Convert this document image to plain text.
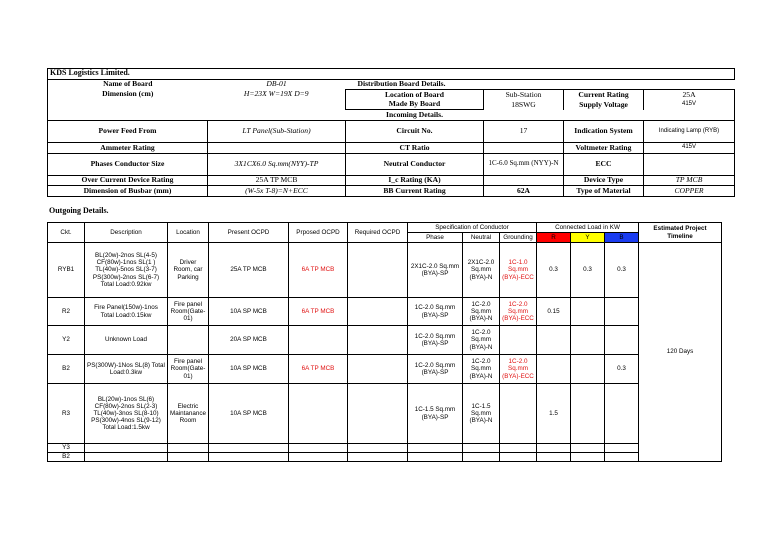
KDS Logistics Limited.					
Name of Board	DB-01	Distribution Board Details.			
Dimension (cm)	H=23X W=19X D=9	Location of Board	Sub-Station	Current Rating	25A
		Made By Board	18SWG	Supply Voltage	415V
		Incoming Details.			
Power Feed From	LT Panel(Sub-Station)	Circuit No.	17	Indication System	Indicating Lamp (RYB)
Ammeter Rating		CT Ratio		Voltmeter Rating	415V
Phases Conductor Size	3X1CX6.0 Sq.mm(NYY)-TP	Neutral Conductor	1C-6.0 Sq.mm (NYY)-N	ECC	
Over Current Device Rating	25A TP MCB	I_c Rating (KA)		Device Type	TP MCB
Dimension of Busbar (mm)	(W-5x T-8)=N+ECC	BB Current Rating	62A	Type of Material	COPPER
Outgoing Details.
Ckt.	Description	Location	Present OCPD	Prposed OCPD	Required OCPD	Specification of Conductor			Connected Load in KW			Estimated Project Timeline
						Phase	Neutral	Grounding	R	Y	B	
RYB1	BL(20w)-2nos SL(4-5) CF(80w)-1nos SL(1 ) TL(40w)-5nos SL(3-7) PS(300w)-2nos SL(6-7) Total Load:0.92kw	Driver Room, car Parking	25A TP MCB	6A TP MCB		2X1C-2.0 Sq.mm (BYA)-SP	2X1C-2.0 Sq.mm (BYA)-N	1C-1.0 Sq.mm (BYA)-ECC	0.3	0.3	0.3	120 Days
R2	Fire Panel(150w)-1nos Total Load:0.15kw	Fire panel Room(Gate-01)	10A SP MCB	6A TP MCB		1C-2.0 Sq.mm (BYA)-SP	1C-2.0 Sq.mm (BYA)-N	1C-2.0 Sq.mm (BYA)-ECC	0.15			
Y2	Unknown Load		20A SP MCB			1C-2.0 Sq.mm (BYA)-SP	1C-2.0 Sq.mm (BYA)-N					
B2	PS(300W)-1Nos SL(8) Total Load:0.3kw	Fire panel Room(Gate-01)	10A SP MCB	6A TP MCB		1C-2.0 Sq.mm (BYA)-SP	1C-2.0 Sq.mm (BYA)-N	1C-2.0 Sq.mm (BYA)-ECC			0.3	
R3	BL(20w)-1nos SL(6) CF(80w)-2nos SL(2-3) TL(40w)-3nos SL(8-10) PS(300w)-4nos SL(9-12) Total Load:1.5kw	Electric Maintanance Room	10A SP MCB			1C-1.5 Sq.mm (BYA)-SP	1C-1.5 Sq.mm (BYA)-N		1.5			
Y3												
B2												
